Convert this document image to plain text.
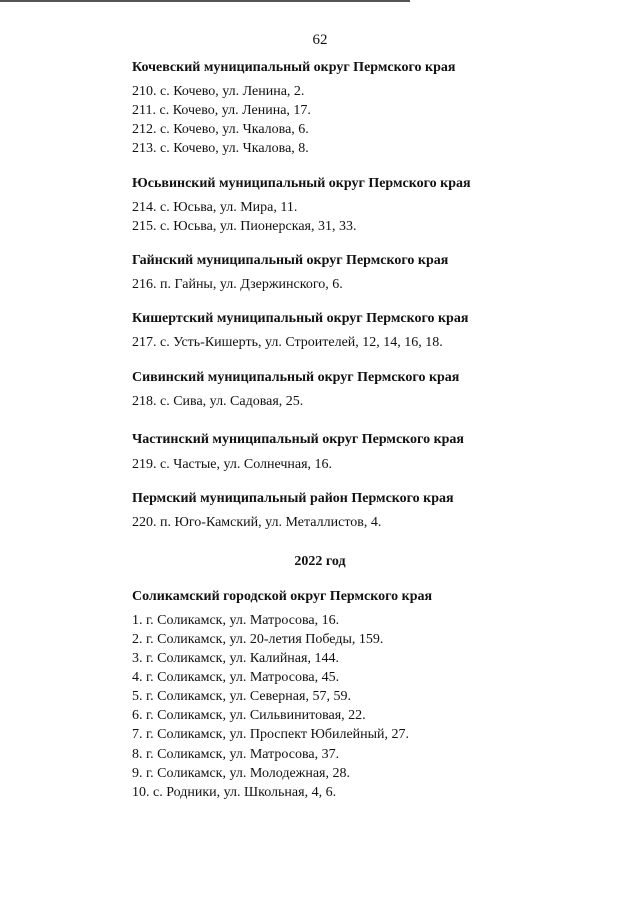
62
Кочевский муниципальный округ Пермского края
210. с. Кочево, ул. Ленина, 2.
211. с. Кочево, ул. Ленина, 17.
212. с. Кочево, ул. Чкалова, 6.
213. с. Кочево, ул. Чкалова, 8.
Юсьвинский муниципальный округ Пермского края
214. с. Юсьва, ул. Мира, 11.
215. с. Юсьва, ул. Пионерская, 31, 33.
Гайнский муниципальный округ Пермского края
216. п. Гайны, ул. Дзержинского, 6.
Кишертский муниципальный округ Пермского края
217. с. Усть-Кишерть, ул. Строителей, 12, 14, 16, 18.
Сивинский муниципальный округ Пермского края
218. с. Сива, ул. Садовая, 25.
Частинский муниципальный округ Пермского края
219. с. Частые, ул. Солнечная, 16.
Пермский муниципальный район Пермского края
220. п. Юго-Камский, ул. Металлистов, 4.
2022 год
Соликамский городской округ Пермского края
1. г. Соликамск, ул. Матросова, 16.
2. г. Соликамск, ул. 20-летия Победы, 159.
3. г. Соликамск, ул. Калийная, 144.
4. г. Соликамск, ул. Матросова, 45.
5. г. Соликамск, ул. Северная, 57, 59.
6. г. Соликамск, ул. Сильвинитовая, 22.
7. г. Соликамск, ул. Проспект Юбилейный, 27.
8. г. Соликамск, ул. Матросова, 37.
9. г. Соликамск, ул. Молодежная, 28.
10. с. Родники, ул. Школьная, 4, 6.
